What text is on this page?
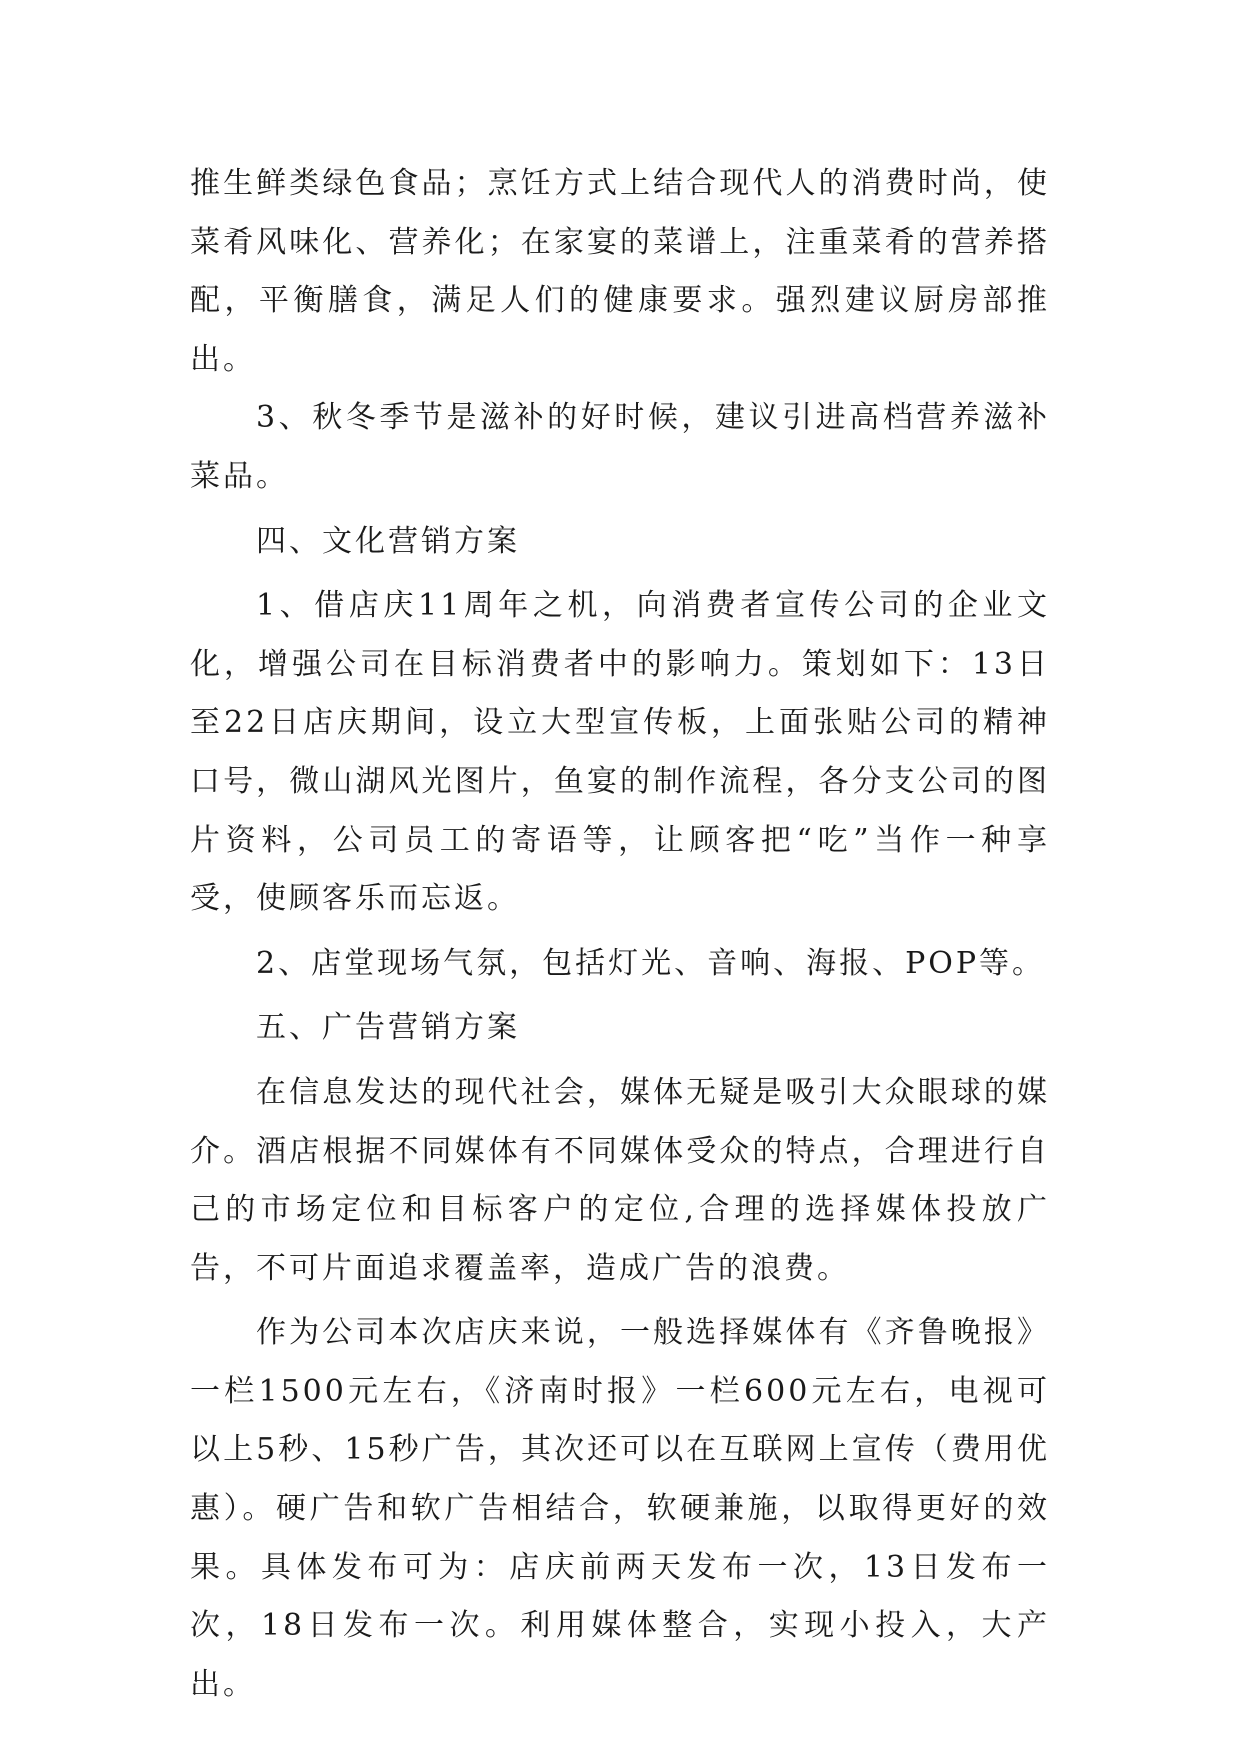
推生鲜类绿色食品；烹饪方式上结合现代人的消费时尚，使菜肴风味化、营养化；在家宴的菜谱上，注重菜肴的营养搭配，平衡膳食，满足人们的健康要求。强烈建议厨房部推出。

3、秋冬季节是滋补的好时候，建议引进高档营养滋补菜品。

四、文化营销方案

1、借店庆11周年之机，向消费者宣传公司的企业文化，增强公司在目标消费者中的影响力。策划如下：13日至22日店庆期间，设立大型宣传板，上面张贴公司的精神口号，微山湖风光图片，鱼宴的制作流程，各分支公司的图片资料，公司员工的寄语等，让顾客把“吃”当作一种享受，使顾客乐而忘返。

2、店堂现场气氛，包括灯光、音响、海报、POP等。

五、广告营销方案

在信息发达的现代社会，媒体无疑是吸引大众眼球的媒介。酒店根据不同媒体有不同媒体受众的特点，合理进行自己的市场定位和目标客户的定位,合理的选择媒体投放广告，不可片面追求覆盖率，造成广告的浪费。

作为公司本次店庆来说，一般选择媒体有《齐鲁晚报》一栏1500元左右，《济南时报》一栏600元左右，电视可以上5秒、15秒广告，其次还可以在互联网上宣传（费用优惠）。硬广告和软广告相结合，软硬兼施，以取得更好的效果。具体发布可为：店庆前两天发布一次，13日发布一次，18日发布一次。利用媒体整合，实现小投入，大产出。
